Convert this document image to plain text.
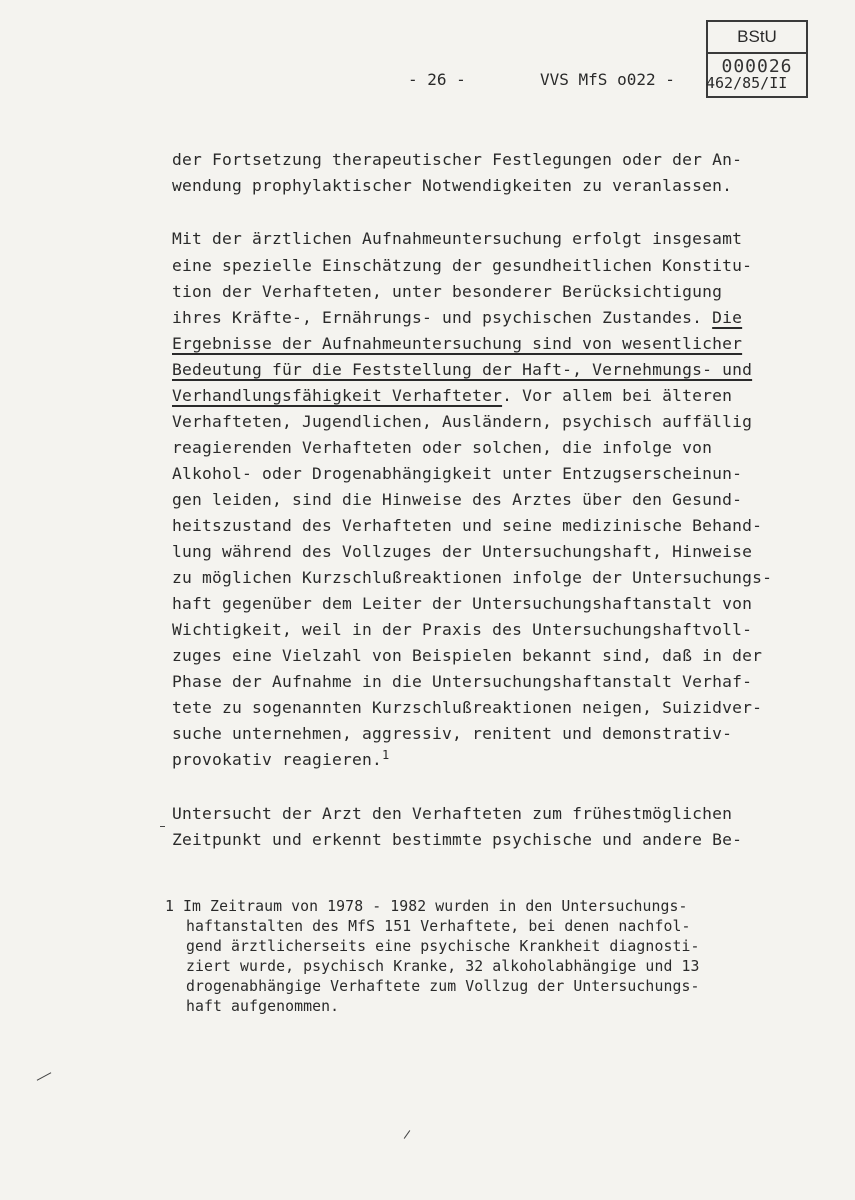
BStU
000026
- 26 -	VVS MfS o022 - 462/85/II
der Fortsetzung therapeutischer Festlegungen oder der An-
wendung prophylaktischer Notwendigkeiten zu veranlassen.
Mit der ärztlichen Aufnahmeuntersuchung erfolgt insgesamt
eine spezielle Einschätzung der gesundheitlichen Konstitu-
tion der Verhafteten, unter besonderer Berücksichtigung
ihres Kräfte-, Ernährungs- und psychischen Zustandes. Die
Ergebnisse der Aufnahmeuntersuchung sind von wesentlicher
Bedeutung für die Feststellung der Haft-, Vernehmungs- und
Verhandlungsfähigkeit Verhafteter. Vor allem bei älteren
Verhafteten, Jugendlichen, Ausländern, psychisch auffällig
reagierenden Verhafteten oder solchen, die infolge von
Alkohol- oder Drogenabhängigkeit unter Entzugserscheinun-
gen leiden, sind die Hinweise des Arztes über den Gesund-
heitszustand des Verhafteten und seine medizinische Behand-
lung während des Vollzuges der Untersuchungshaft, Hinweise
zu möglichen Kurzschlußreaktionen infolge der Untersuchungs-
haft gegenüber dem Leiter der Untersuchungshaftanstalt von
Wichtigkeit, weil in der Praxis des Untersuchungshaftvoll-
zuges eine Vielzahl von Beispielen bekannt sind, daß in der
Phase der Aufnahme in die Untersuchungshaftanstalt Verhaf-
tete zu sogenannten Kurzschlußreaktionen neigen, Suizidver-
suche unternehmen, aggressiv, renitent und demonstrativ-
provokativ reagieren.$^1$
Untersucht der Arzt den Verhafteten zum frühestmöglichen
Zeitpunkt und erkennt bestimmte psychische und andere Be-
1 Im Zeitraum von 1978 - 1982 wurden in den Untersuchungs-
haftanstalten des MfS 151 Verhaftete, bei denen nachfol-
gend ärztlicherseits eine psychische Krankheit diagnosti-
ziert wurde, psychisch Kranke, 32 alkoholabhängige und 13
drogenabhängige Verhaftete zum Vollzug der Untersuchungs-
haft aufgenommen.
